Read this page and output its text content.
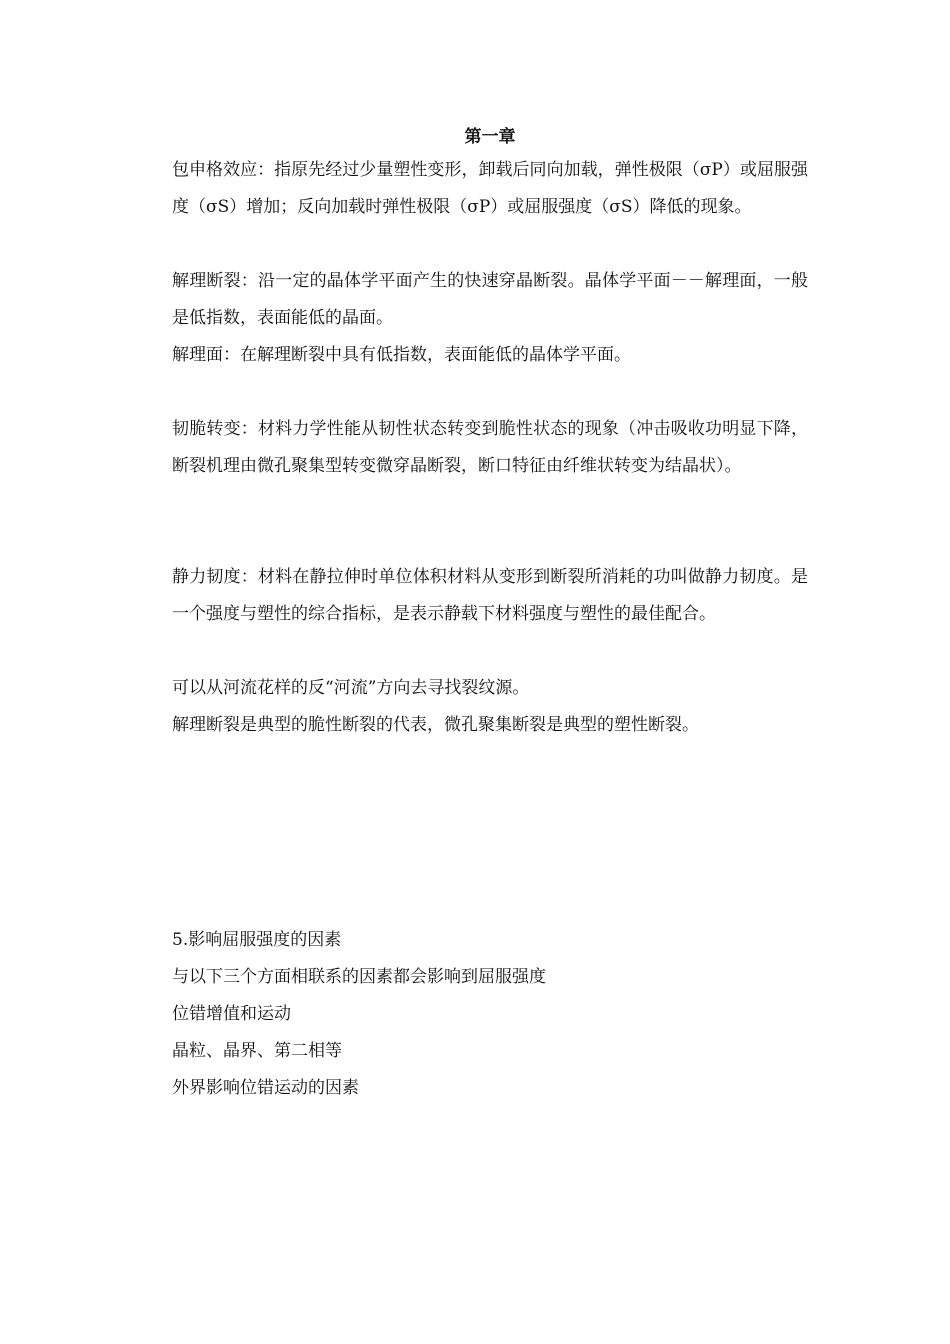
第一章

包申格效应：指原先经过少量塑性变形，卸载后同向加载，弹性极限（σP）或屈服强度（σS）增加；反向加载时弹性极限（σP）或屈服强度（σS）降低的现象。

解理断裂：沿一定的晶体学平面产生的快速穿晶断裂。晶体学平面－－解理面，一般是低指数，表面能低的晶面。

解理面：在解理断裂中具有低指数，表面能低的晶体学平面。

韧脆转变：材料力学性能从韧性状态转变到脆性状态的现象（冲击吸收功明显下降，断裂机理由微孔聚集型转变微穿晶断裂，断口特征由纤维状转变为结晶状）。

静力韧度：材料在静拉伸时单位体积材料从变形到断裂所消耗的功叫做静力韧度。是一个强度与塑性的综合指标，是表示静载下材料强度与塑性的最佳配合。

可以从河流花样的反“河流”方向去寻找裂纹源。

解理断裂是典型的脆性断裂的代表，微孔聚集断裂是典型的塑性断裂。

5.影响屈服强度的因素

与以下三个方面相联系的因素都会影响到屈服强度

位错增值和运动

晶粒、晶界、第二相等

外界影响位错运动的因素
